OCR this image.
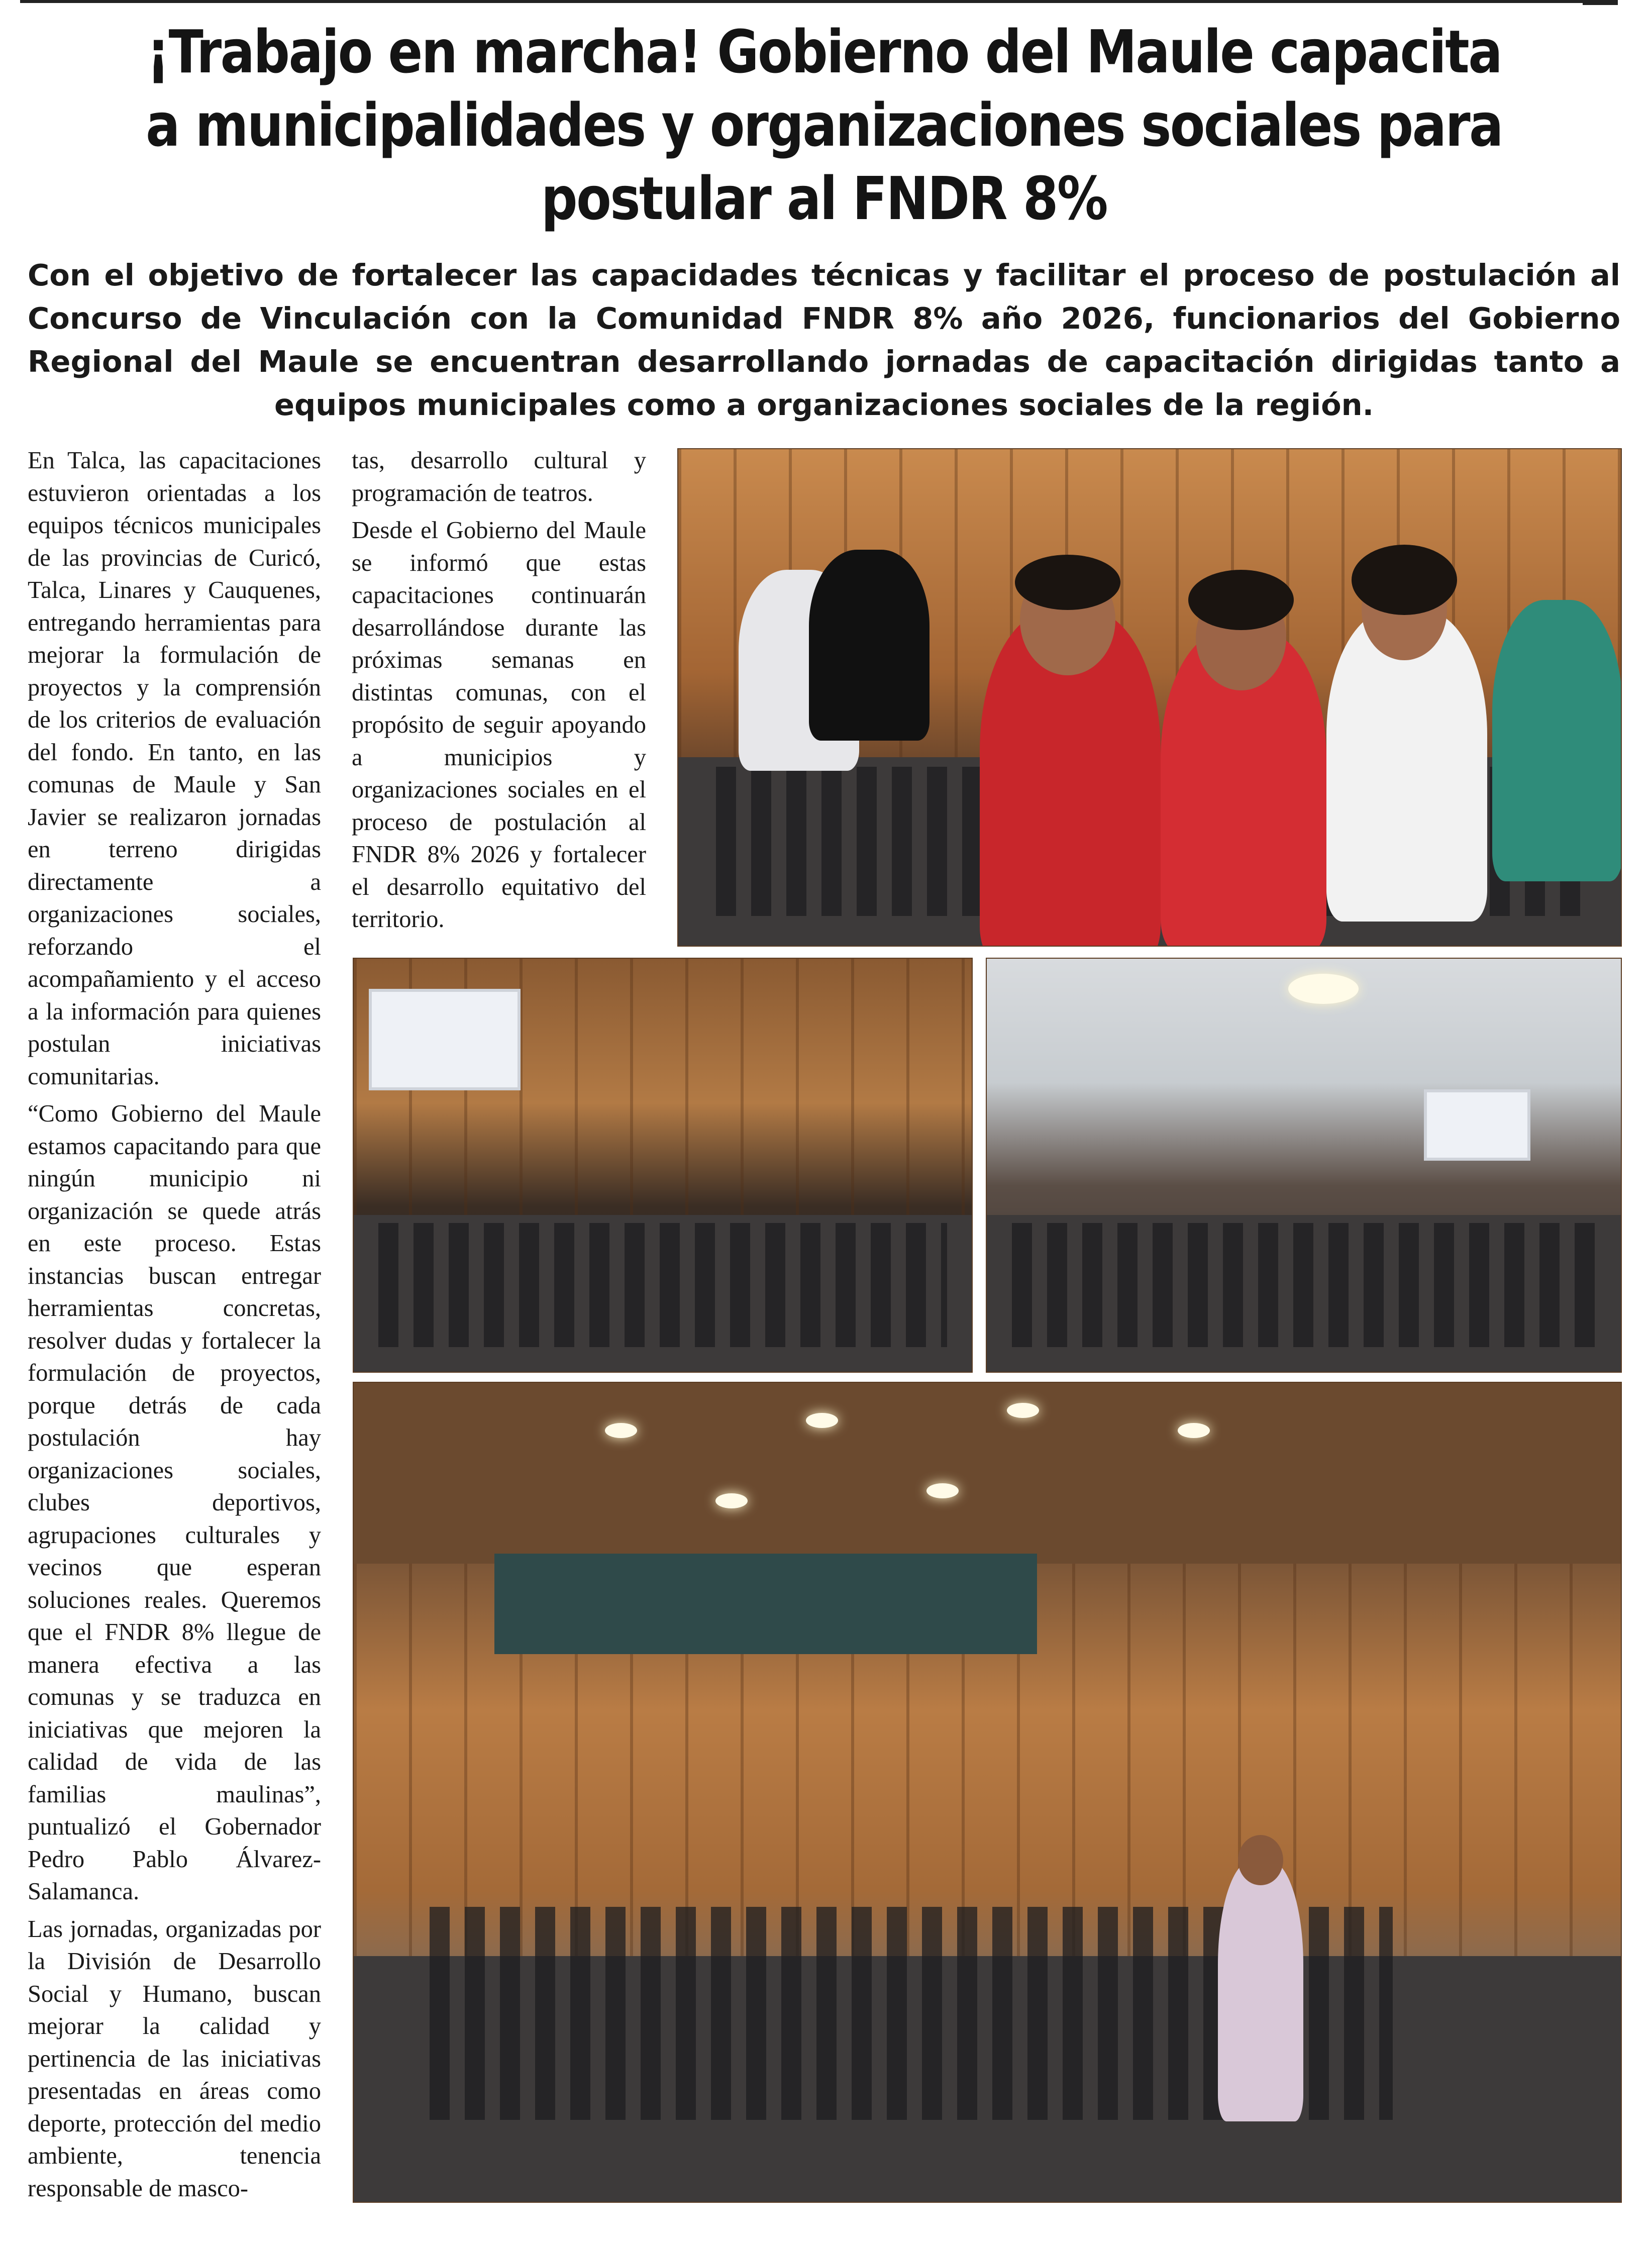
¡Trabajo en marcha! Gobierno del Maule capacita a municipalidades y organizaciones sociales para postular al FNDR 8%

Con el objetivo de fortalecer las capacidades técnicas y facilitar el proceso de postulación al Concurso de Vinculación con la Comunidad FNDR 8% año 2026, funcionarios del Gobierno Regional del Maule se encuentran desarrollando jornadas de capacitación dirigidas tanto a equipos municipales como a organizaciones sociales de la región.

En Talca, las capacitaciones estuvieron orientadas a los equipos técnicos municipales de las provincias de Curicó, Talca, Linares y Cauquenes, entregando herramientas para mejorar la formulación de proyectos y la comprensión de los criterios de evaluación del fondo. En tanto, en las comunas de Maule y San Javier se realizaron jornadas en terreno dirigidas directamente a organizaciones sociales, reforzando el acompañamiento y el acceso a la información para quienes postulan iniciativas comunitarias.

“Como Gobierno del Maule estamos capacitando para que ningún municipio ni organización se quede atrás en este proceso. Estas instancias buscan entregar herramientas concretas, resolver dudas y fortalecer la formulación de proyectos, porque detrás de cada postulación hay organizaciones sociales, clubes deportivos, agrupaciones culturales y vecinos que esperan soluciones reales. Queremos que el FNDR 8% llegue de manera efectiva a las comunas y se traduzca en iniciativas que mejoren la calidad de vida de las familias maulinas”, puntualizó el Gobernador Pedro Pablo Álvarez-Salamanca.

Las jornadas, organizadas por la División de Desarrollo Social y Humano, buscan mejorar la calidad y pertinencia de las iniciativas presentadas en áreas como deporte, protección del medio ambiente, tenencia responsable de masco-

tas, desarrollo cultural y programación de teatros.

Desde el Gobierno del Maule se informó que estas capacitaciones continuarán desarrollándose durante las próximas semanas en distintas comunas, con el propósito de seguir apoyando a municipios y organizaciones sociales en el proceso de postulación al FNDR 8% 2026 y fortalecer el desarrollo equitativo del territorio.
